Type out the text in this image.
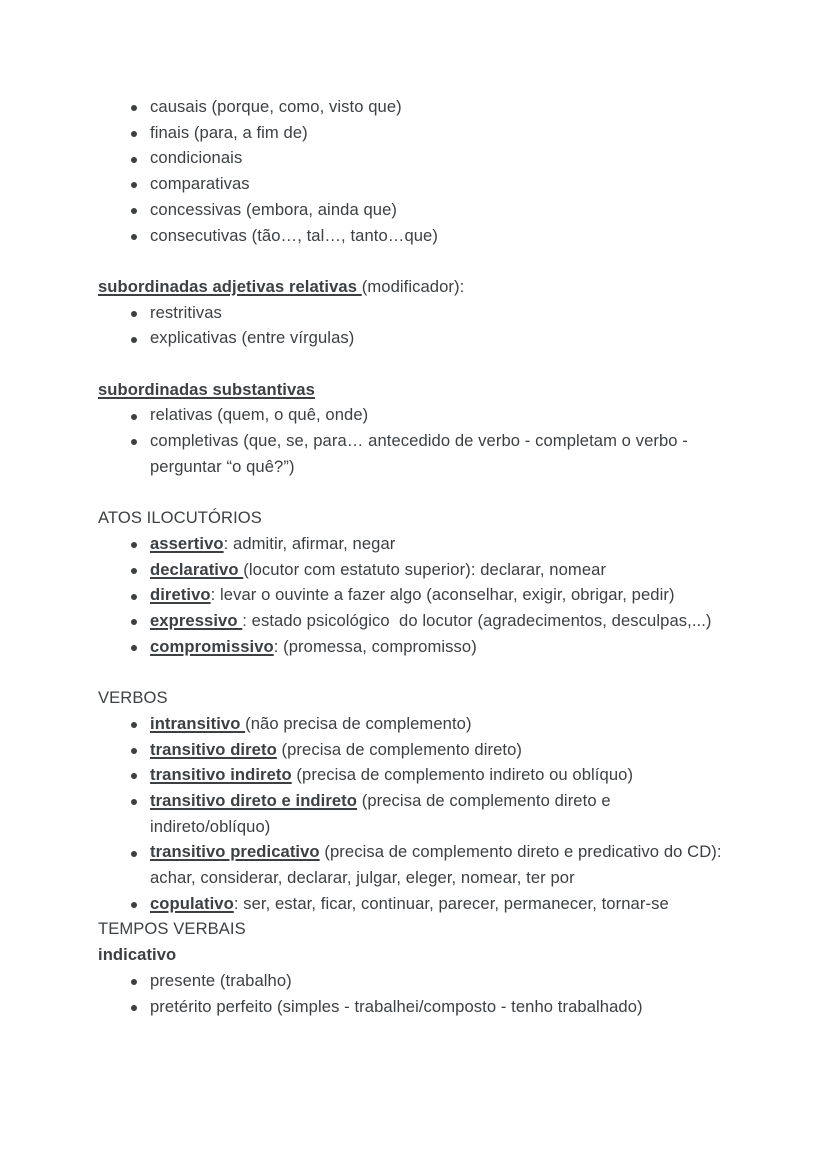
causais (porque, como, visto que)
finais (para, a fim de)
condicionais
comparativas
concessivas (embora, ainda que)
consecutivas (tão…, tal…, tanto…que)

subordinadas adjetivas relativas (modificador):

restritivas
explicativas (entre vírgulas)

subordinadas substantivas

relativas (quem, o quê, onde)
completivas (que, se, para… antecedido de verbo - completam o verbo - perguntar “o quê?”)

ATOS ILOCUTÓRIOS

assertivo: admitir, afirmar, negar
declarativo (locutor com estatuto superior): declarar, nomear
diretivo: levar o ouvinte a fazer algo (aconselhar, exigir, obrigar, pedir)
expressivo : estado psicológico  do locutor (agradecimentos, desculpas,...)
compromissivo: (promessa, compromisso)

VERBOS

intransitivo (não precisa de complemento)
transitivo direto (precisa de complemento direto)
transitivo indireto (precisa de complemento indireto ou oblíquo)
transitivo direto e indireto (precisa de complemento direto e indireto/oblíquo)
transitivo predicativo (precisa de complemento direto e predicativo do CD): achar, considerar, declarar, julgar, eleger, nomear, ter por
copulativo: ser, estar, ficar, continuar, parecer, permanecer, tornar-se

TEMPOS VERBAIS

indicativo

presente (trabalho)
pretérito perfeito (simples - trabalhei/composto - tenho trabalhado)
